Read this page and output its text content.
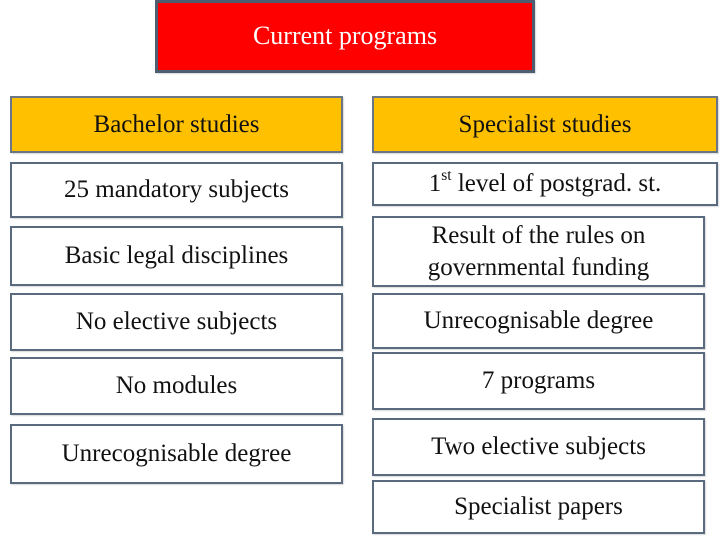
Current programs
Bachelor studies
25 mandatory subjects
Basic legal disciplines
No elective subjects
No modules
Unrecognisable degree
Specialist studies
1st level of postgrad. st.
Result of the rules on governmental funding
Unrecognisable degree
7 programs
Two elective subjects
Specialist papers
